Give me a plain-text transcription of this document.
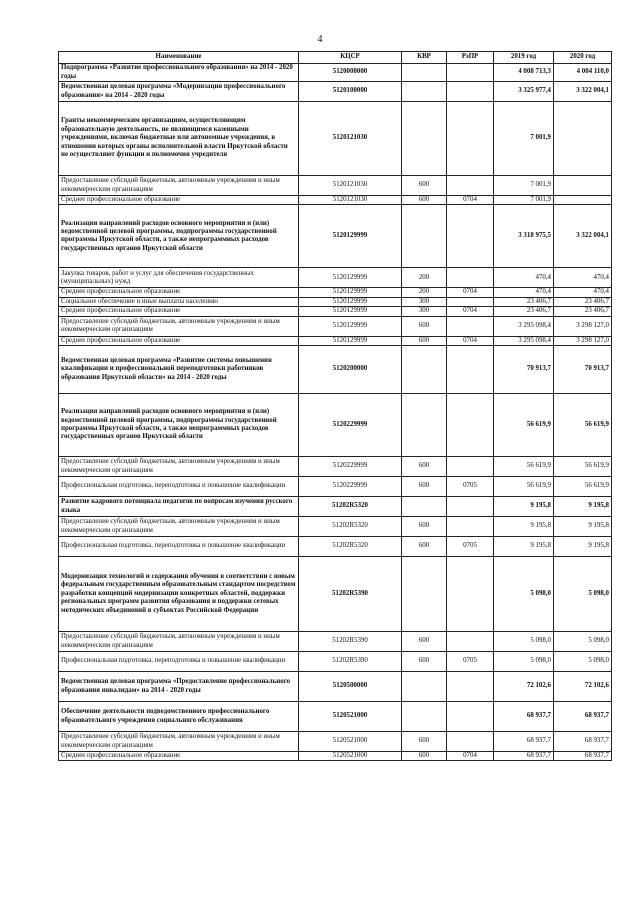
4
Наименование	КЦСР	КВР	РзПР	2019 год	2020 год
Подпрограмма «Развитие профессионального образования» на 2014 - 2020 годы	5120000000			4 008 713,3	4 004 110,0
Ведомственная целевая программа «Модернизация профессионального образования» на 2014 - 2020 годы	5120100000			3 325 977,4	3 322 004,1
Гранты некоммерческим организациям, осуществляющим образовательную деятельность, не являющимся казенными учреждениями, включая бюджетные или автономные учреждения, в отношении которых органы исполнительной власти Иркутской области не осуществляют функции и полномочия учредителя	5120121030			7 001,9	
Предоставление субсидий бюджетным, автономным учреждениям и иным некоммерческим организациям	5120121030	600		7 001,9	
Среднее профессиональное образование	5120121030	600	0704	7 001,9	
Реализация направлений расходов основного мероприятия и (или) ведомственной целевой программы, подпрограммы государственной программы Иркутской области, а также непрограммных расходов государственных органов Иркутской области	5120129999			3 318 975,5	3 322 004,1
Закупка товаров, работ и услуг для обеспечения государственных (муниципальных) нужд	5120129999	200		470,4	470,4
Среднее профессиональное образование	5120129999	200	0704	470,4	470,4
Социальное обеспечение и иные выплаты населению	5120129999	300		23 406,7	23 406,7
Среднее профессиональное образование	5120129999	300	0704	23 406,7	23 406,7
Предоставление субсидий бюджетным, автономным учреждениям и иным некоммерческим организациям	5120129999	600		3 295 098,4	3 298 127,0
Среднее профессиональное образование	5120129999	600	0704	3 295 098,4	3 298 127,0
Ведомственная целевая программа «Развитие системы повышения квалификации и профессиональной переподготовки работников образования Иркутской области» на 2014 - 2020 годы	5120200000			70 913,7	70 913,7
Реализация направлений расходов основного мероприятия и (или) ведомственной целевой программы, подпрограммы государственной программы Иркутской области, а также непрограммных расходов государственных органов Иркутской области	5120229999			56 619,9	56 619,9
Предоставление субсидий бюджетным, автономным учреждениям и иным некоммерческим организациям	5120229999	600		56 619,9	56 619,9
Профессиональная подготовка, переподготовка и повышение квалификации	5120229999	600	0705	56 619,9	56 619,9
Развитие кадрового потенциала педагогов по вопросам изучения русского языка	51202R5320			9 195,8	9 195,8
Предоставление субсидий бюджетным, автономным учреждениям и иным некоммерческим организациям	51202R5320	600		9 195,8	9 195,8
Профессиональная подготовка, переподготовка и повышение квалификации	51202R5320	600	0705	9 195,8	9 195,8
Модернизация технологий и содержания обучения в соответствии с новым федеральным государственным образовательным стандартом посредством разработки концепций модернизации конкретных областей, поддержки региональных программ развития образования и поддержки сетевых методических объединений в субъектах Российской Федерации	51202R5390			5 098,0	5 098,0
Предоставление субсидий бюджетным, автономным учреждениям и иным некоммерческим организациям	51202R5390	600		5 098,0	5 098,0
Профессиональная подготовка, переподготовка и повышение квалификации	51202R5390	600	0705	5 098,0	5 098,0
Ведомственная целевая программа «Предоставление профессионального образования инвалидам» на 2014 - 2020 годы	5120500000			72 102,6	72 102,6
Обеспечение деятельности подведомственного профессионального образовательного учреждения социального обслуживания	5120521000			68 937,7	68 937,7
Предоставление субсидий бюджетным, автономным учреждениям и иным некоммерческим организациям	5120521000	600		68 937,7	68 937,7
Среднее профессиональное образование	5120521000	600	0704	68 937,7	68 937,7
